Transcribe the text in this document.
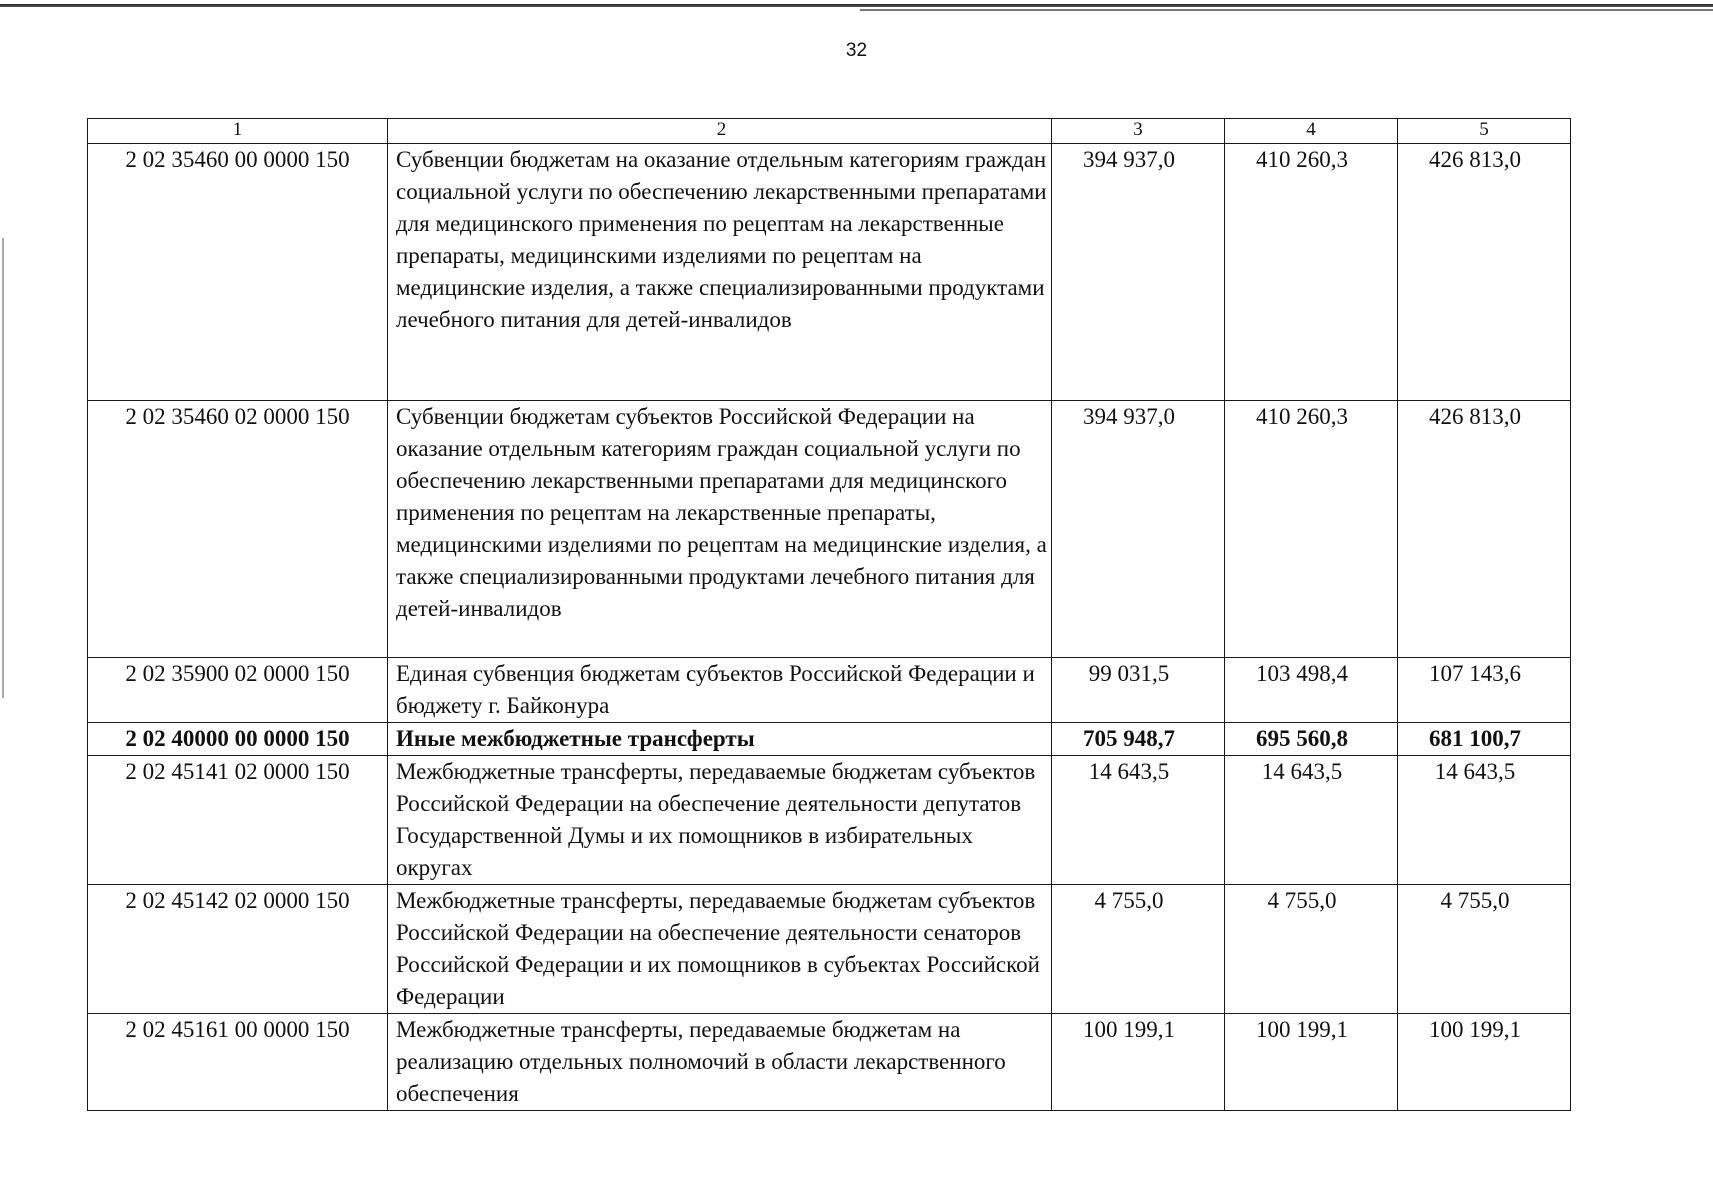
32
1	2	3	4	5
2 02 35460 00 0000 150	Субвенции бюджетам на оказание отдельным категориям граждан социальной услуги по обеспечению лекарственными препаратами для медицинского применения по рецептам на лекарственные препараты, медицинскими изделиями по рецептам на медицинские изделия, а также специализированными продуктами лечебного питания для детей-инвалидов	394 937,0	410 260,3	426 813,0
2 02 35460 02 0000 150	Субвенции бюджетам субъектов Российской Федерации на оказание отдельным категориям граждан социальной услуги по обеспечению лекарственными препаратами для медицинского применения по рецептам на лекарственные препараты, медицинскими изделиями по рецептам на медицинские изделия, а также специализированными продуктами лечебного питания для детей-инвалидов	394 937,0	410 260,3	426 813,0
2 02 35900 02 0000 150	Единая субвенция бюджетам субъектов Российской Федерации и бюджету г. Байконура	99 031,5	103 498,4	107 143,6
2 02 40000 00 0000 150	Иные межбюджетные трансферты	705 948,7	695 560,8	681 100,7
2 02 45141 02 0000 150	Межбюджетные трансферты, передаваемые бюджетам субъектов Российской Федерации на обеспечение деятельности депутатов Государственной Думы и их помощников в избирательных округах	14 643,5	14 643,5	14 643,5
2 02 45142 02 0000 150	Межбюджетные трансферты, передаваемые бюджетам субъектов Российской Федерации на обеспечение деятельности сенаторов Российской Федерации и их помощников в субъектах Российской Федерации	4 755,0	4 755,0	4 755,0
2 02 45161 00 0000 150	Межбюджетные трансферты, передаваемые бюджетам на реализацию отдельных полномочий в области лекарственного обеспечения	100 199,1	100 199,1	100 199,1
